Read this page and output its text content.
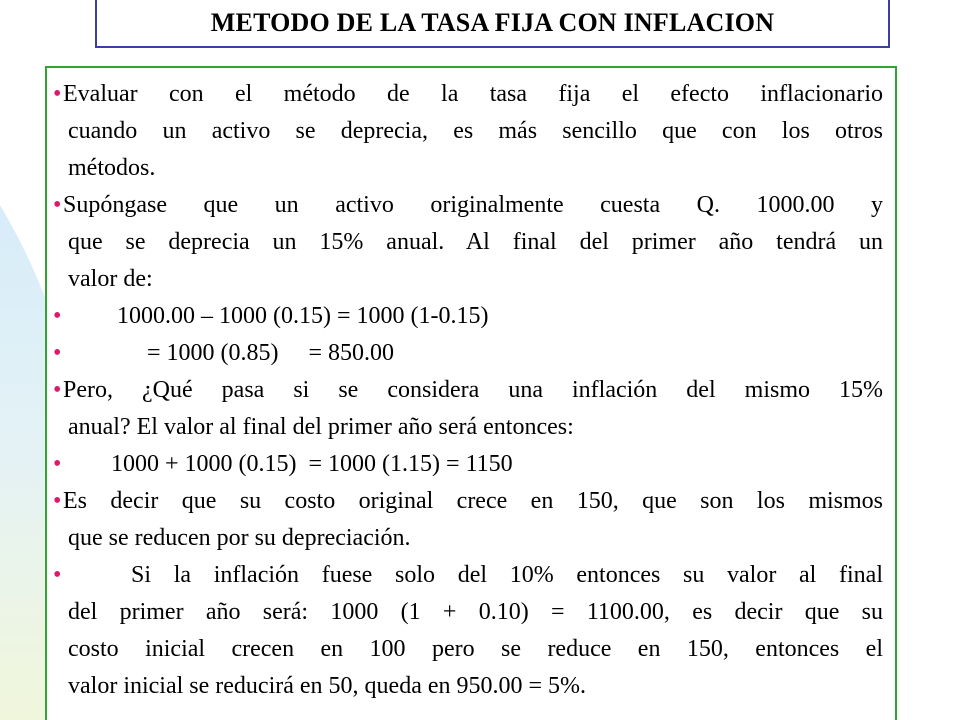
METODO DE LA TASA FIJA CON INFLACION
• Evaluar con el método de la tasa fija el efecto inflacionario
cuando un activo se deprecia, es más sencillo que con los otros
métodos.
• Supóngase que un activo originalmente cuesta Q. 1000.00 y
que se deprecia un 15% anual. Al final del primer año tendrá un
valor de:
• 1000.00 – 1000 (0.15) = 1000 (1-0.15)
• = 1000 (0.85)     = 850.00
• Pero, ¿Qué pasa si se considera una inflación del mismo 15%
anual? El valor al final del primer año será entonces:
• 1000 + 1000 (0.15)  = 1000 (1.15) = 1150
• Es decir que su costo original crece en 150, que son los mismos
que se reducen por su depreciación.
• Si la inflación fuese solo del 10% entonces su valor al final
del primer año será: 1000 (1 + 0.10) = 1100.00, es decir que su
costo inicial crecen en 100 pero se reduce en 150, entonces el
valor inicial se reducirá en 50, queda en 950.00 = 5%.
